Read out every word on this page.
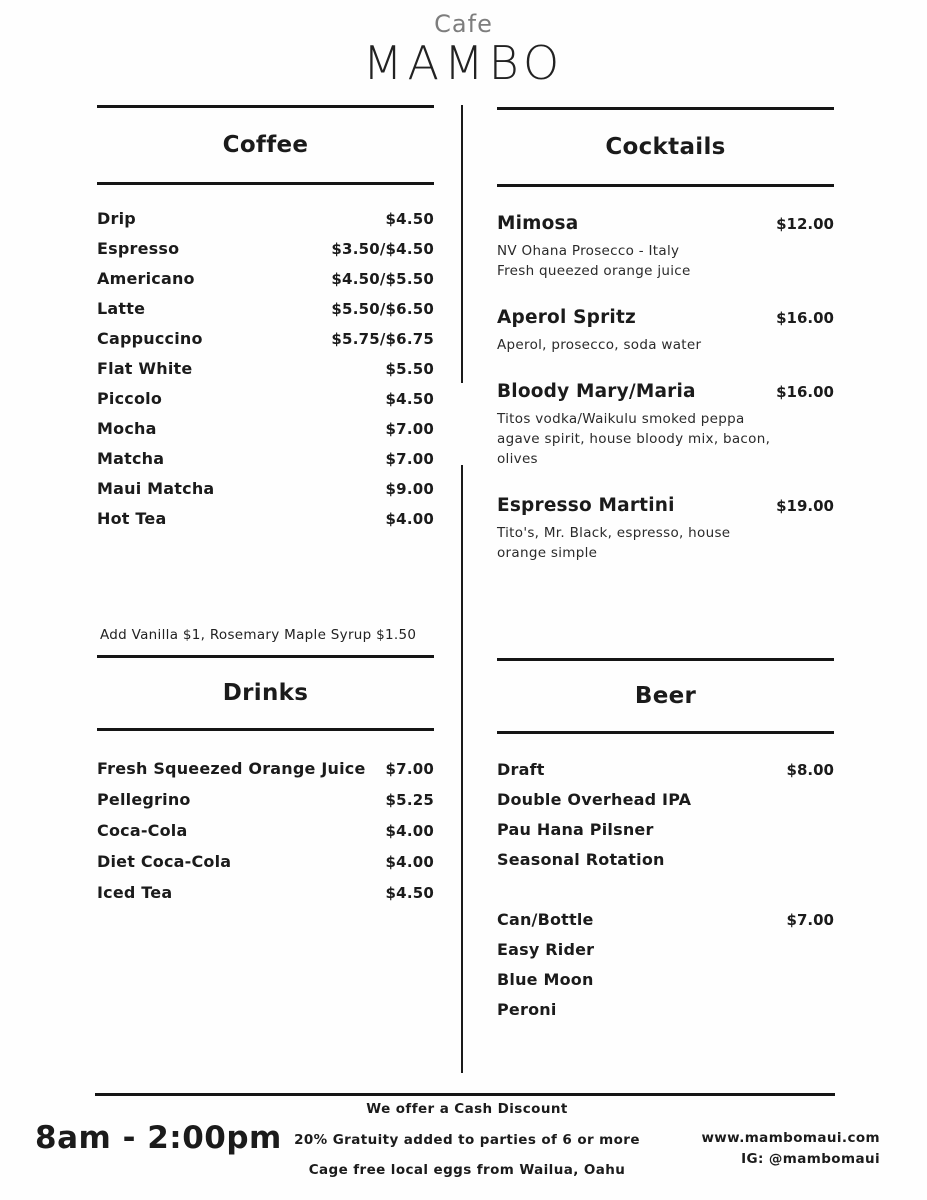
Cafe
MAMBO
Coffee
Drip	$4.50
Espresso	$3.50/$4.50
Americano	$4.50/$5.50
Latte	$5.50/$6.50
Cappuccino	$5.75/$6.75
Flat White	$5.50
Piccolo	$4.50
Mocha	$7.00
Matcha	$7.00
Maui Matcha	$9.00
Hot Tea	$4.00
Add Vanilla $1, Rosemary Maple Syrup $1.50
Cocktails
Mimosa	$12.00
NV Ohana Prosecco - Italy
Fresh queezed orange juice
Aperol Spritz	$16.00
Aperol, prosecco, soda water
Bloody Mary/Maria	$16.00
Titos vodka/Waikulu smoked peppa
agave spirit, house bloody mix, bacon,
olives
Espresso Martini	$19.00
Tito's, Mr. Black, espresso, house
orange simple
Drinks
Fresh Squeezed Orange Juice $7.00
Pellegrino	$5.25
Coca-Cola	$4.00
Diet Coca-Cola	$4.00
Iced Tea	$4.50
Beer
Draft	$8.00
Double Overhead IPA
Pau Hana Pilsner
Seasonal Rotation
Can/Bottle	$7.00
Easy Rider
Blue Moon
Peroni
8am - 2:00pm
We offer a Cash Discount
20% Gratuity added to parties of 6 or more
Cage free local eggs from Wailua, Oahu
www.mambomaui.com
IG: @mambomaui
